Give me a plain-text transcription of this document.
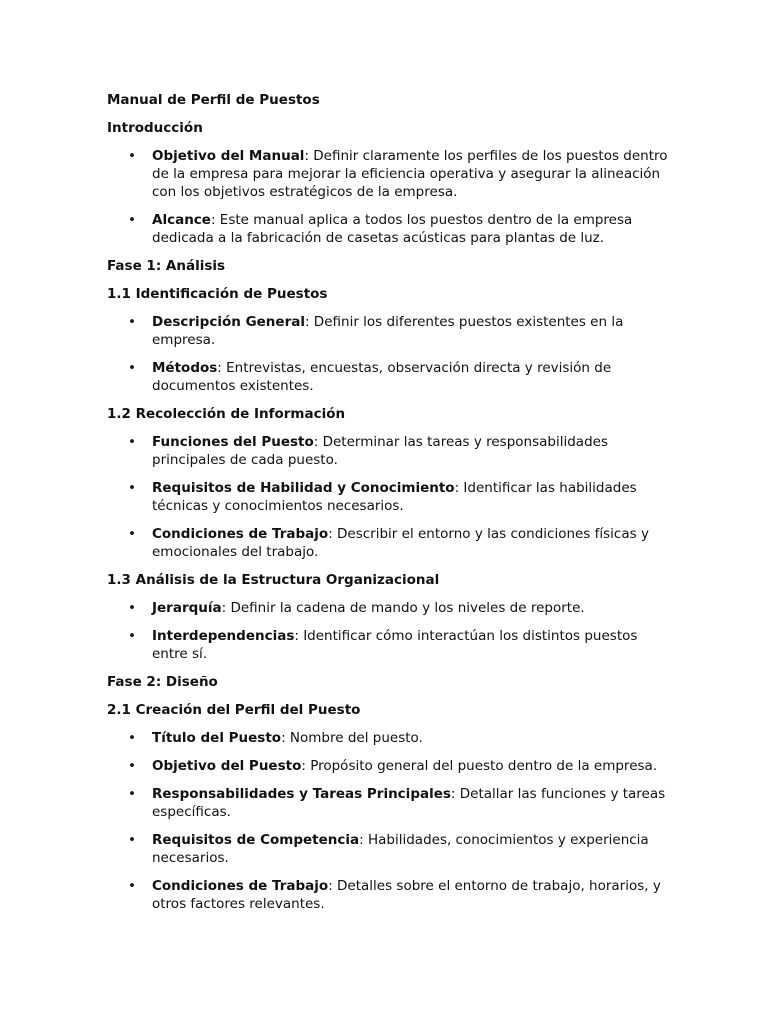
Manual de Perfil de Puestos
Introducción
• Objetivo del Manual: Definir claramente los perfiles de los puestos dentro de la empresa para mejorar la eficiencia operativa y asegurar la alineación con los objetivos estratégicos de la empresa.
• Alcance: Este manual aplica a todos los puestos dentro de la empresa dedicada a la fabricación de casetas acústicas para plantas de luz.
Fase 1: Análisis
1.1 Identificación de Puestos
• Descripción General: Definir los diferentes puestos existentes en la empresa.
• Métodos: Entrevistas, encuestas, observación directa y revisión de documentos existentes.
1.2 Recolección de Información
• Funciones del Puesto: Determinar las tareas y responsabilidades principales de cada puesto.
• Requisitos de Habilidad y Conocimiento: Identificar las habilidades técnicas y conocimientos necesarios.
• Condiciones de Trabajo: Describir el entorno y las condiciones físicas y emocionales del trabajo.
1.3 Análisis de la Estructura Organizacional
• Jerarquía: Definir la cadena de mando y los niveles de reporte.
• Interdependencias: Identificar cómo interactúan los distintos puestos entre sí.
Fase 2: Diseño
2.1 Creación del Perfil del Puesto
• Título del Puesto: Nombre del puesto.
• Objetivo del Puesto: Propósito general del puesto dentro de la empresa.
• Responsabilidades y Tareas Principales: Detallar las funciones y tareas específicas.
• Requisitos de Competencia: Habilidades, conocimientos y experiencia necesarios.
• Condiciones de Trabajo: Detalles sobre el entorno de trabajo, horarios, y otros factores relevantes.
